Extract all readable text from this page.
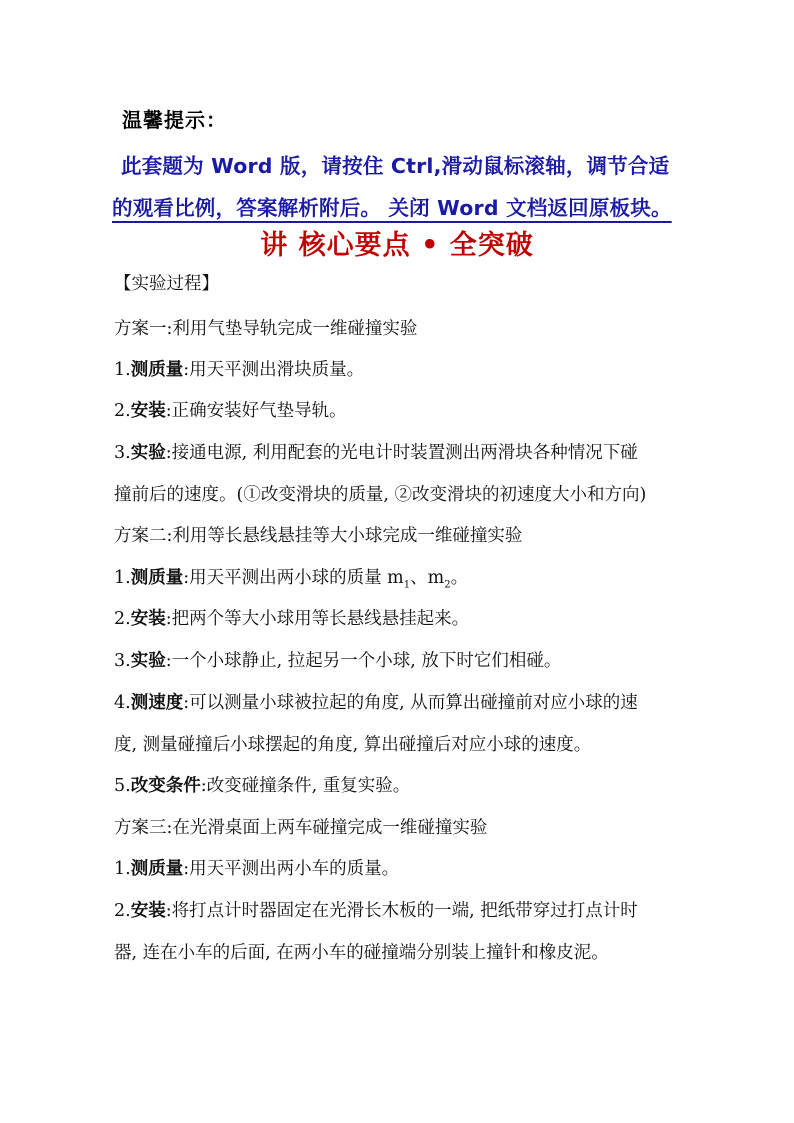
温馨提示：
此套题为 Word 版，请按住 Ctrl,滑动鼠标滚轴，调节合适
的观看比例，答案解析附后。 关闭 Word 文档返回原板块。
讲 核心要点 • 全突破
【实验过程】
方案一:利用气垫导轨完成一维碰撞实验
1.测质量:用天平测出滑块质量。
2.安装:正确安装好气垫导轨。
3.实验:接通电源, 利用配套的光电计时装置测出两滑块各种情况下碰
撞前后的速度。(①改变滑块的质量, ②改变滑块的初速度大小和方向)
方案二:利用等长悬线悬挂等大小球完成一维碰撞实验
1.测质量:用天平测出两小球的质量 $m_1$、$m_2$。
2.安装:把两个等大小球用等长悬线悬挂起来。
3.实验:一个小球静止, 拉起另一个小球, 放下时它们相碰。
4.测速度:可以测量小球被拉起的角度, 从而算出碰撞前对应小球的速
度, 测量碰撞后小球摆起的角度, 算出碰撞后对应小球的速度。
5.改变条件:改变碰撞条件, 重复实验。
方案三:在光滑桌面上两车碰撞完成一维碰撞实验
1.测质量:用天平测出两小车的质量。
2.安装:将打点计时器固定在光滑长木板的一端, 把纸带穿过打点计时
器, 连在小车的后面, 在两小车的碰撞端分别装上撞针和橡皮泥。
